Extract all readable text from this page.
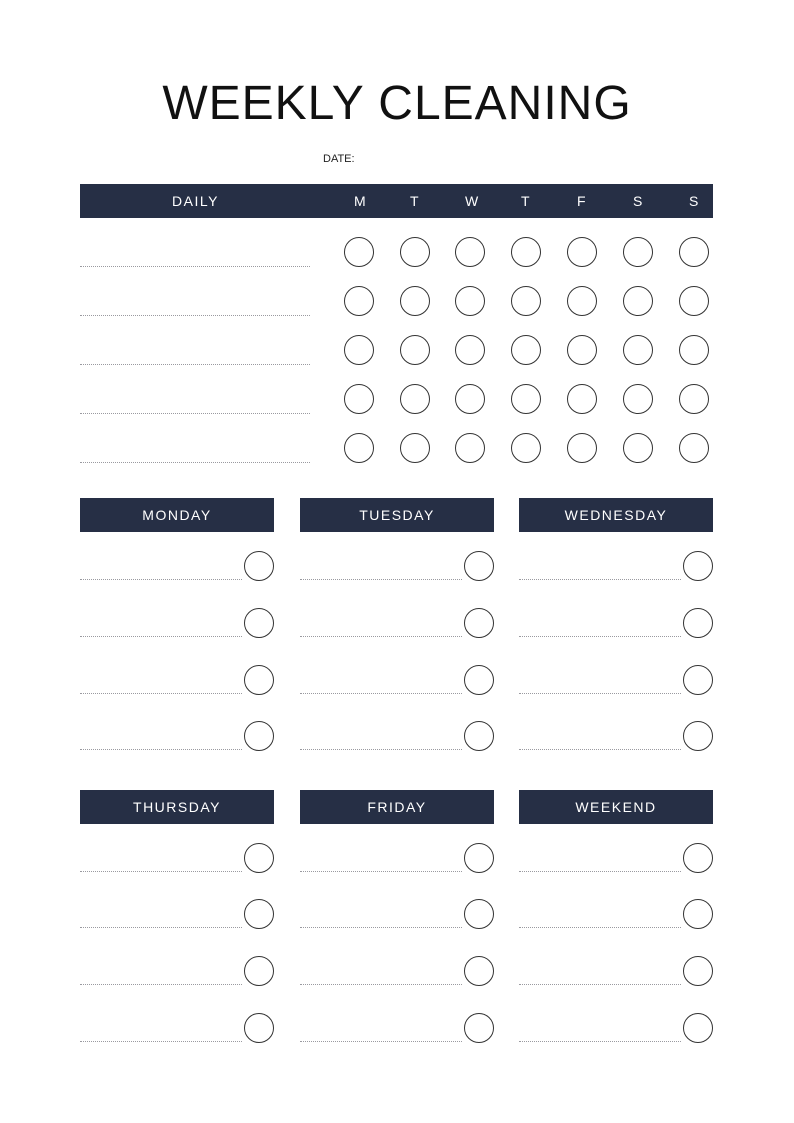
WEEKLY CLEANING
DATE:
DAILY	M	T	W	T	F	S	S
MONDAY	TUESDAY	WEDNESDAY
THURSDAY	FRIDAY	WEEKEND
